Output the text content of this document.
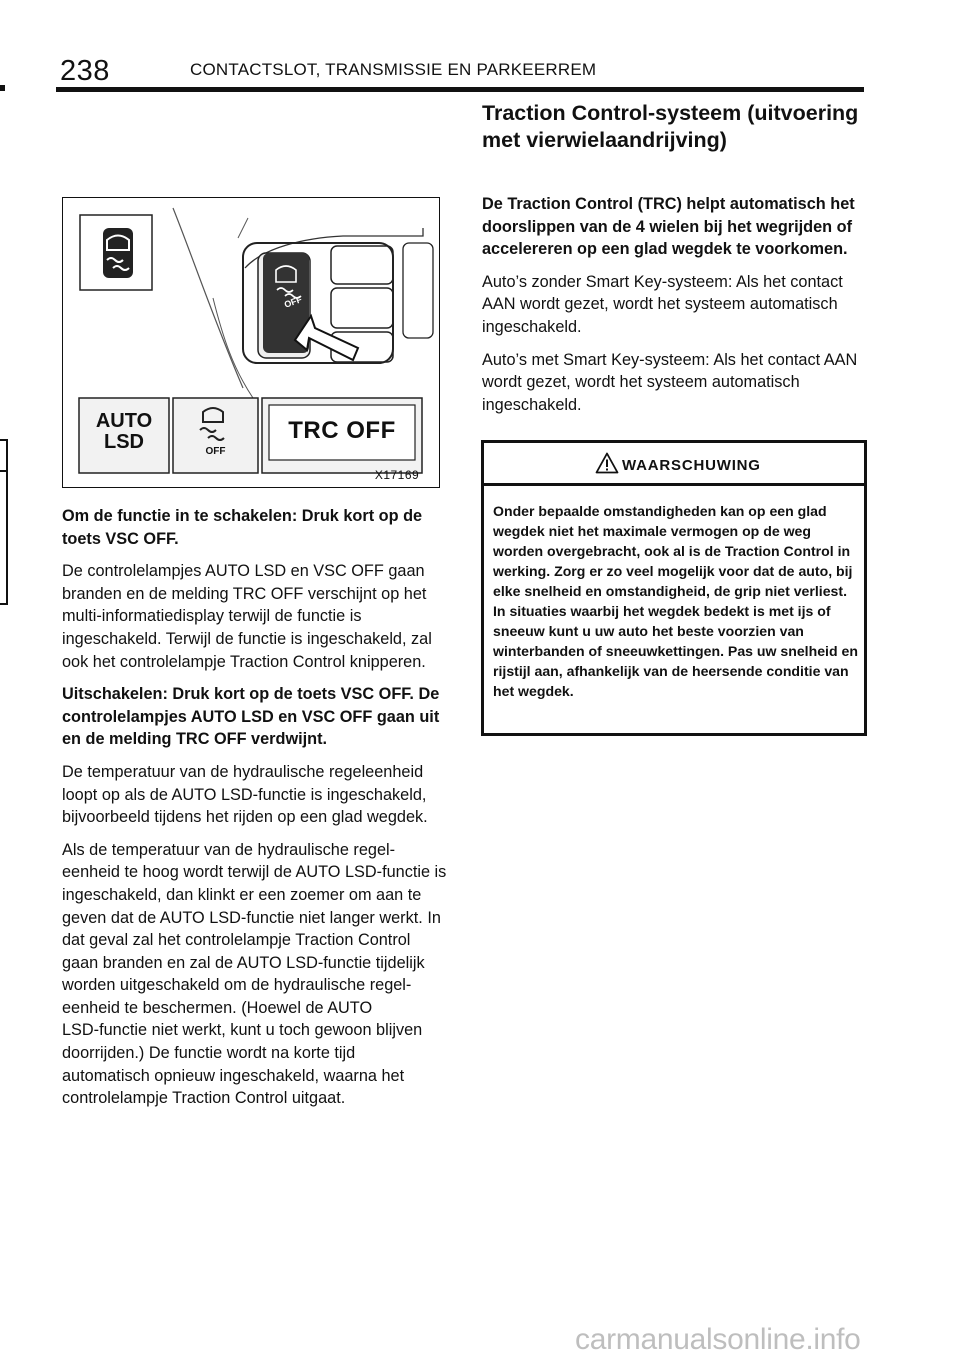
238	CONTACTSLOT, TRANSMISSIE EN PARKEERREM
OFF
AUTO
LSD	OFF
TRC OFF
X17169

Om de functie in te schakelen: Druk kort op de toets VSC OFF.

De controlelampjes AUTO LSD en VSC OFF gaan branden en de melding TRC OFF verschijnt op het multi‑informatiedisplay terwijl de functie is ingeschakeld. Terwijl de functie is ingeschakeld, zal ook het controlelampje Traction Control knipperen.

Uitschakelen: Druk kort op de toets VSC OFF. De controlelampjes AUTO LSD en VSC OFF gaan uit en de melding TRC OFF verdwijnt.

De temperatuur van de hydraulische regeleenheid loopt op als de AUTO LSD‑functie is ingeschakeld, bijvoorbeeld tijdens het rijden op een glad wegdek.

Als de temperatuur van de hydraulische regeleenheid te hoog wordt terwijl de AUTO LSD‑functie is ingeschakeld, dan klinkt er een zoemer om aan te geven dat de AUTO LSD‑functie niet langer werkt. In dat geval zal het controlelampje Traction Control gaan branden en zal de AUTO LSD‑functie tijdelijk worden uitgeschakeld om de hydraulische regeleenheid te beschermen. (Hoewel de AUTO LSD‑functie niet werkt, kunt u toch gewoon blijven doorrijden.) De functie wordt na korte tijd automatisch opnieuw ingeschakeld, waarna het controlelampje Traction Control uitgaat.

Traction Control‑systeem (uitvoering met vierwielaandrijving)

De Traction Control (TRC) helpt automatisch het doorslippen van de 4 wielen bij het wegrijden of accelereren op een glad wegdek te voorkomen.

Auto’s zonder Smart Key‑systeem: Als het contact AAN wordt gezet, wordt het systeem automatisch ingeschakeld.

Auto’s met Smart Key‑systeem: Als het contact AAN wordt gezet, wordt het systeem automatisch ingeschakeld.

WAARSCHUWING
Onder bepaalde omstandigheden kan op een glad wegdek niet het maximale vermogen op de weg worden overgebracht, ook al is de Traction Control in werking. Zorg er zo veel mogelijk voor dat de auto, bij elke snelheid en omstandigheid, de grip niet verliest. In situaties waarbij het wegdek bedekt is met ijs of sneeuw kunt u uw auto het beste voorzien van winterbanden of sneeuwkettingen. Pas uw snelheid en rijstijl aan, afhankelijk van de heersende conditie van het wegdek.
carmanualsonline.info
